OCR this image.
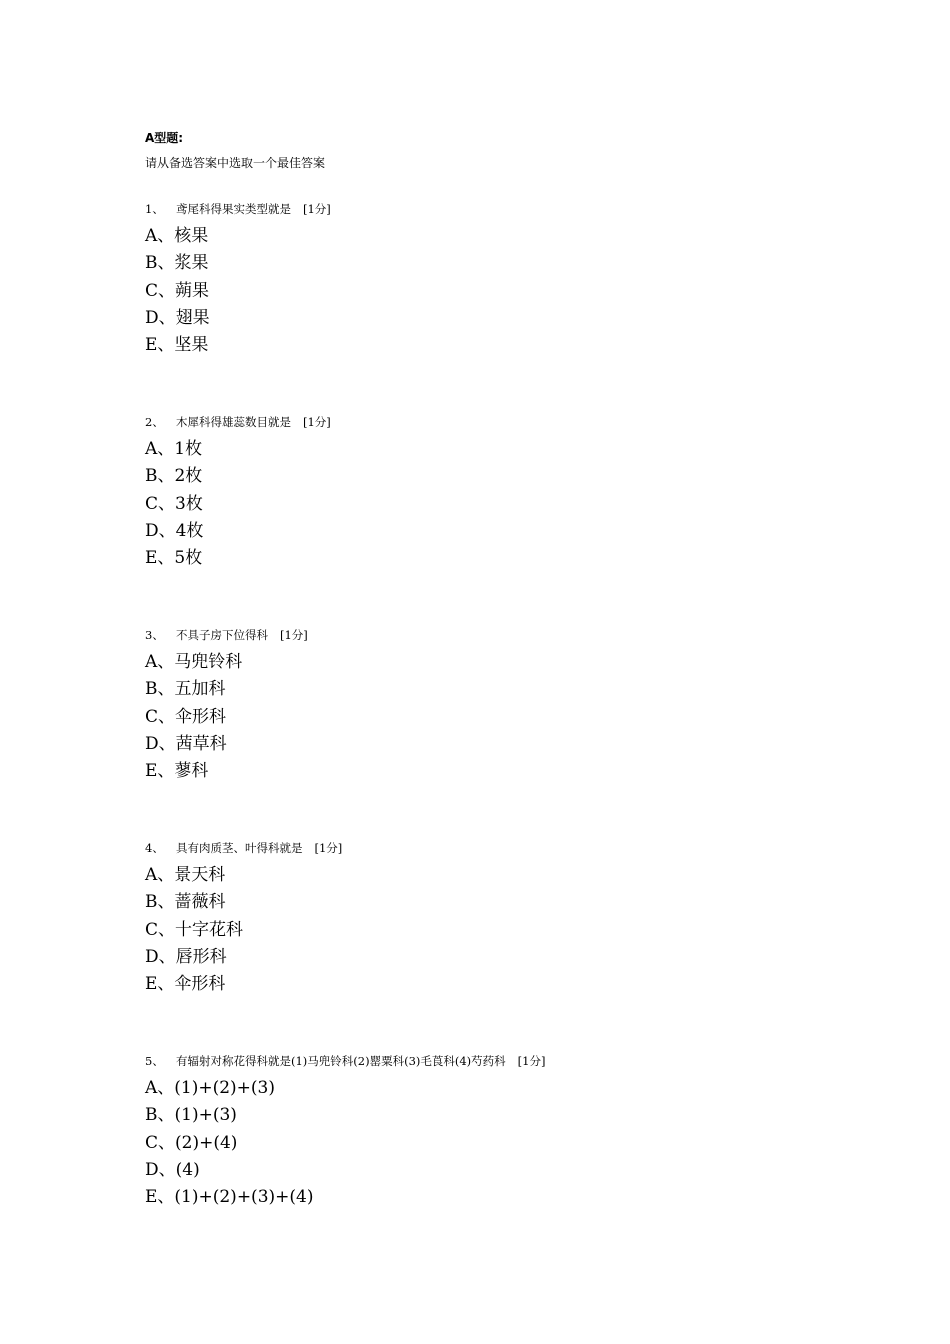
A型题:
请从备选答案中选取一个最佳答案
1、 鸢尾科得果实类型就是 [1分]
A、核果
B、浆果
C、蒴果
D、翅果
E、坚果
2、 木犀科得雄蕊数目就是 [1分]
A、1枚
B、2枚
C、3枚
D、4枚
E、5枚
3、 不具子房下位得科 [1分]
A、马兜铃科
B、五加科
C、伞形科
D、茜草科
E、蓼科
4、 具有肉质茎、叶得科就是 [1分]
A、景天科
B、蔷薇科
C、十字花科
D、唇形科
E、伞形科
5、 有辐射对称花得科就是(1)马兜铃科(2)罂粟科(3)毛莨科(4)芍药科 [1分]
A、(1)+(2)+(3)
B、(1)+(3)
C、(2)+(4)
D、(4)
E、(1)+(2)+(3)+(4)
